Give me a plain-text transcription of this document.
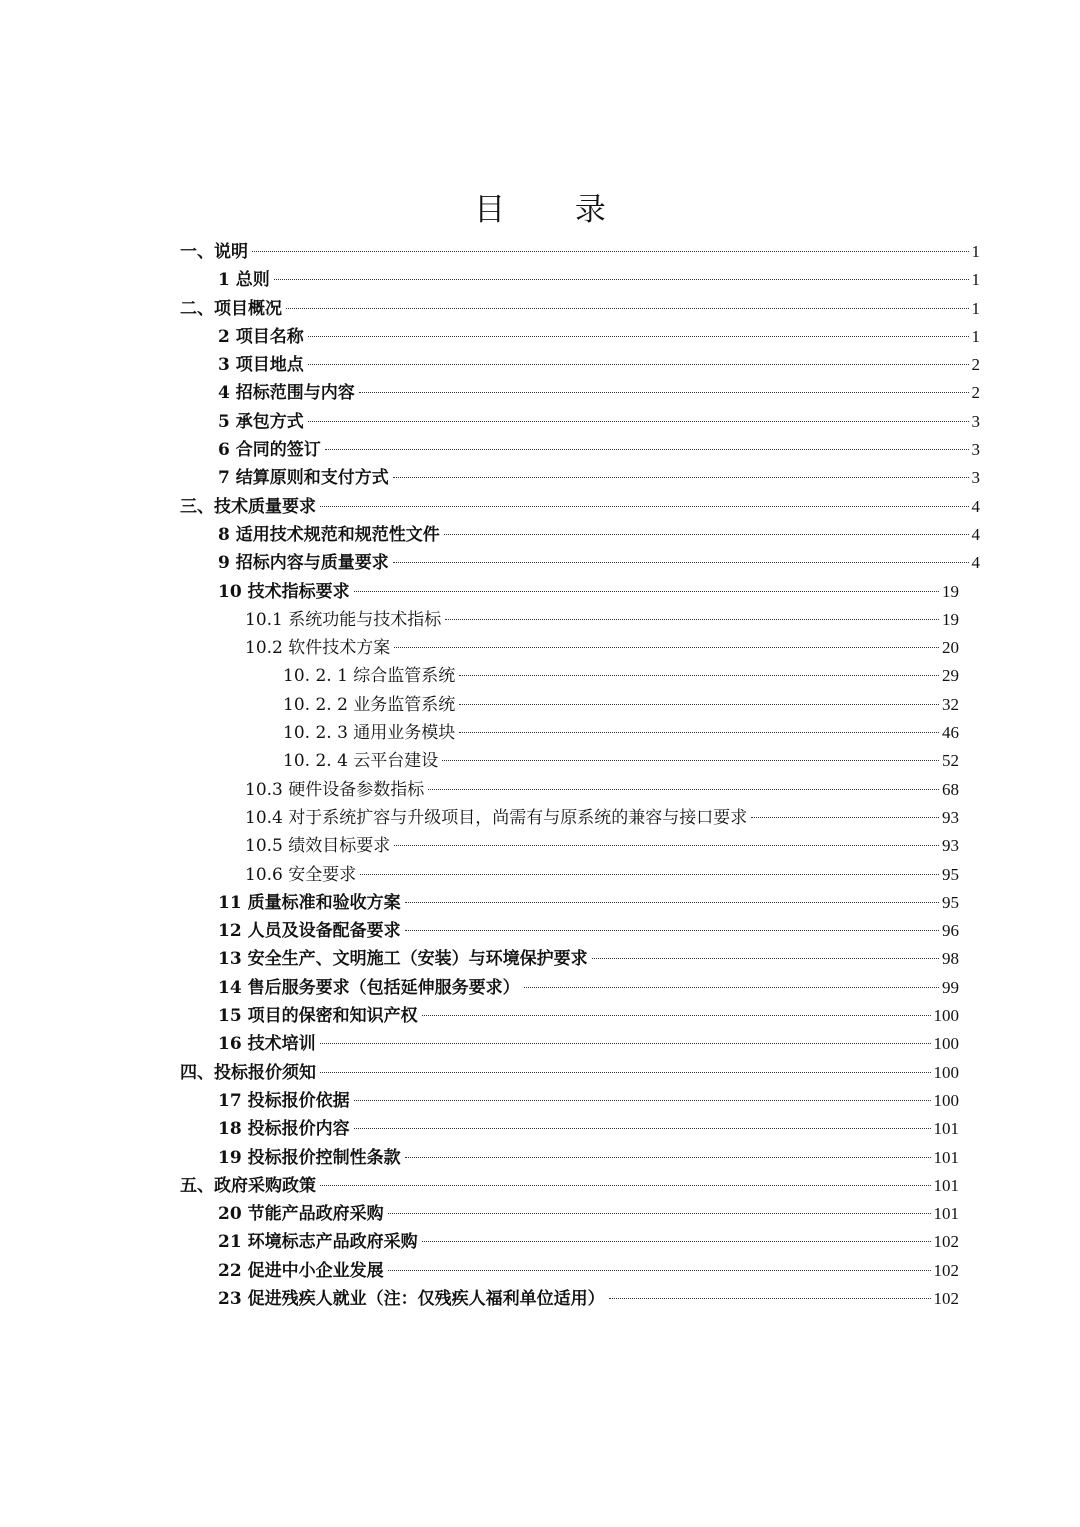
目 录
一、说明	1
1 总则	1
二、项目概况	1
2 项目名称	1
3 项目地点	2
4 招标范围与内容	2
5 承包方式	3
6 合同的签订	3
7 结算原则和支付方式	3
三、技术质量要求	4
8 适用技术规范和规范性文件	4
9 招标内容与质量要求	4
10 技术指标要求	19
10.1 系统功能与技术指标	19
10.2 软件技术方案	20
10. 2. 1 综合监管系统	29
10. 2. 2 业务监管系统	32
10. 2. 3 通用业务模块	46
10. 2. 4 云平台建设	52
10.3 硬件设备参数指标	68
10.4 对于系统扩容与升级项目，尚需有与原系统的兼容与接口要求	93
10.5 绩效目标要求	93
10.6 安全要求	95
11 质量标准和验收方案	95
12 人员及设备配备要求	96
13 安全生产、文明施工（安装）与环境保护要求	98
14 售后服务要求（包括延伸服务要求）	99
15 项目的保密和知识产权	100
16 技术培训	100
四、投标报价须知	100
17 投标报价依据	100
18 投标报价内容	101
19 投标报价控制性条款	101
五、政府采购政策	101
20 节能产品政府采购	101
21 环境标志产品政府采购	102
22 促进中小企业发展	102
23 促进残疾人就业（注：仅残疾人福利单位适用）	102
